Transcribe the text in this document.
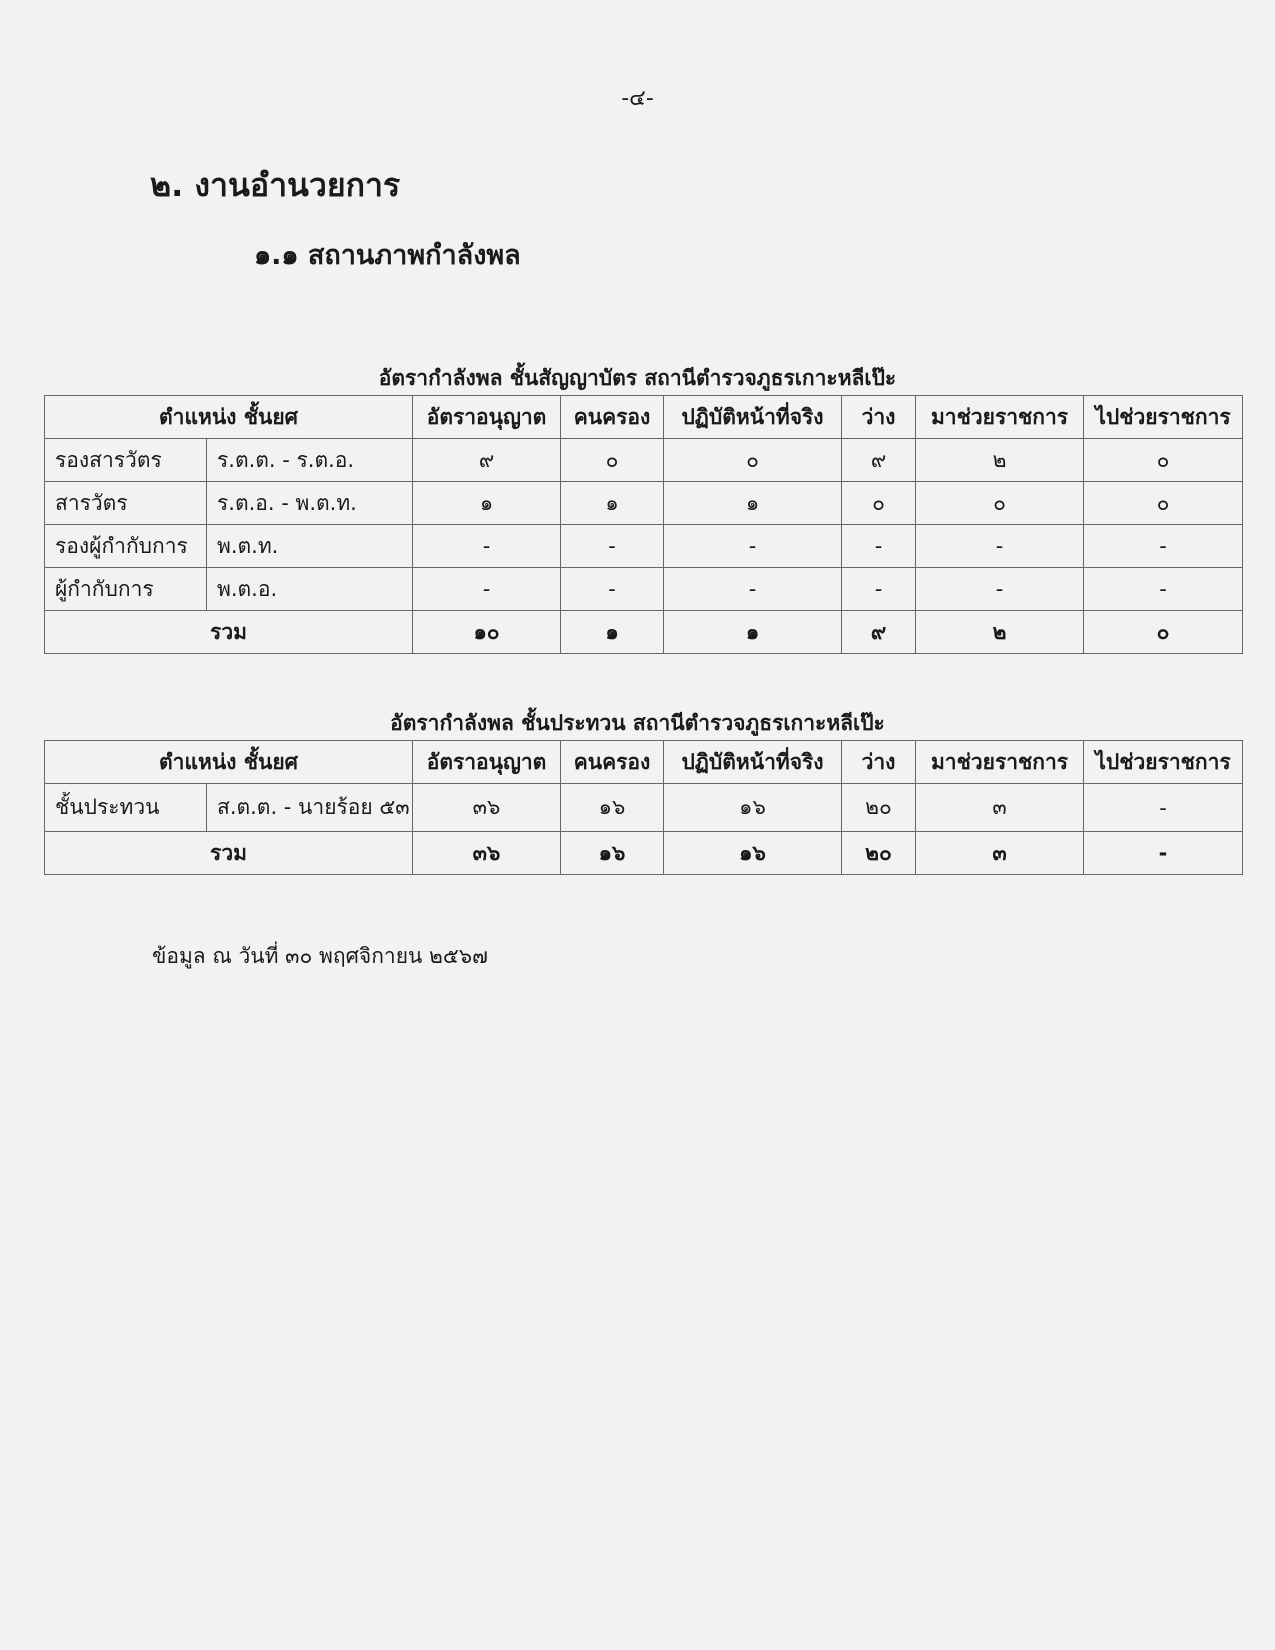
-๔-
๒. งานอำนวยการ
๑.๑ สถานภาพกำลังพล
อัตรากำลังพล ชั้นสัญญาบัตร สถานีตำรวจภูธรเกาะหลีเป๊ะ
ตำแหน่ง ชั้นยศ		อัตราอนุญาต	คนครอง	ปฏิบัติหน้าที่จริง	ว่าง	มาช่วยราชการ	ไปช่วยราชการ
รองสารวัตร	ร.ต.ต. - ร.ต.อ.	๙	๐	๐	๙	๒	๐
สารวัตร	ร.ต.อ. - พ.ต.ท.	๑	๑	๑	๐	๐	๐
รองผู้กำกับการ	พ.ต.ท.	-	-	-	-	-	-
ผู้กำกับการ	พ.ต.อ.	-	-	-	-	-	-
รวม		๑๐	๑	๑	๙	๒	๐
อัตรากำลังพล ชั้นประทวน สถานีตำรวจภูธรเกาะหลีเป๊ะ
ตำแหน่ง ชั้นยศ		อัตราอนุญาต	คนครอง	ปฏิบัติหน้าที่จริง	ว่าง	มาช่วยราชการ	ไปช่วยราชการ
ชั้นประทวน	ส.ต.ต. - นายร้อย ๕๓	๓๖	๑๖	๑๖	๒๐	๓	-
รวม		๓๖	๑๖	๑๖	๒๐	๓	-
ข้อมูล ณ วันที่ ๓๐ พฤศจิกายน ๒๕๖๗
